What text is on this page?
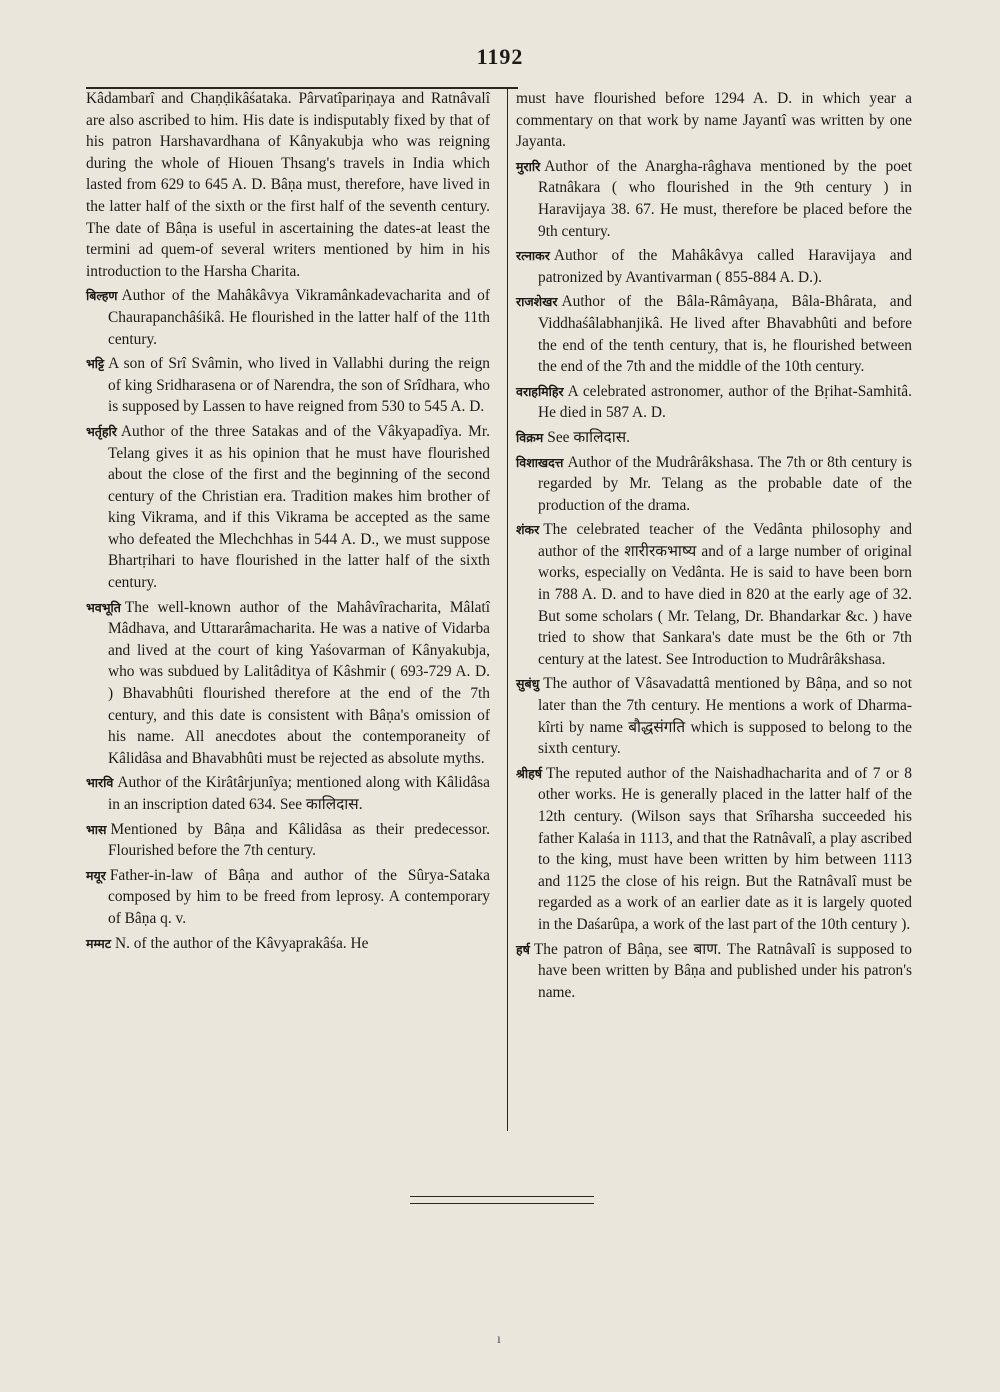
1192

Kâdambarî and Chaṇḍikâśataka. Pârvatîpariṇaya and Ratnâvalî are also ascribed to him. His date is indisputably fixed by that of his patron Harshavardhana of Kânyakubja who was reigning during the whole of Hiouen Thsang's travels in India which lasted from 629 to 645 A. D. Bâṇa must, therefore, have lived in the latter half of the sixth or the first half of the seventh century. The date of Bâṇa is useful in ascertaining the dates-at least the termini ad quem-of several writers mentioned by him in his introduction to the Harsha Charita.

बिल्हण Author of the Mahâkâvya Vikramânkadevacharita and of Chaurapanchâśikâ. He flourished in the latter half of the 11th century.

भट्टि A son of Srî Svâmin, who lived in Vallabhi during the reign of king Sridharasena or of Narendra, the son of Srîdhara, who is supposed by Lassen to have reigned from 530 to 545 A. D.

भर्तृहरि Author of the three Satakas and of the Vâkyapadîya. Mr. Telang gives it as his opinion that he must have flourished about the close of the first and the beginning of the second century of the Christian era. Tradition makes him brother of king Vikrama, and if this Vikrama be accepted as the same who defeated the Mlechchhas in 544 A. D., we must suppose Bhartṛihari to have flourished in the latter half of the sixth century.

भवभूति The well-known author of the Mahâvîracharita, Mâlatî Mâdhava, and Uttararâmacharita. He was a native of Vidarba and lived at the court of king Yaśovarman of Kânyakubja, who was subdued by Lalitâditya of Kâshmir ( 693-729 A. D. ) Bhavabhûti flourished therefore at the end of the 7th century, and this date is consistent with Bâṇa's omission of his name. All anecdotes about the contemporaneity of Kâlidâsa and Bhavabhûti must be rejected as absolute myths.

भारवि Author of the Kirâtârjunîya; mentioned along with Kâlidâsa in an inscription dated 634. See कालिदास.

भास Mentioned by Bâṇa and Kâlidâsa as their predecessor. Flourished before the 7th century.

मयूर Father-in-law of Bâṇa and author of the Sûrya-Sataka composed by him to be freed from leprosy. A contemporary of Bâṇa q. v.

मम्मट N. of the author of the Kâvyaprakâśa. He

must have flourished before 1294 A. D. in which year a commentary on that work by name Jayantî was written by one Jayanta.

मुरारि Author of the Anargha-râghava mentioned by the poet Ratnâkara ( who flourished in the 9th century ) in Haravijaya 38. 67. He must, therefore be placed before the 9th century.

रत्नाकर Author of the Mahâkâvya called Haravijaya and patronized by Avantivarman ( 855-884 A. D.).

राजशेखर Author of the Bâla-Râmâyaṇa, Bâla-Bhârata, and Viddhaśâlabhanjikâ. He lived after Bhavabhûti and before the end of the tenth century, that is, he flourished between the end of the 7th and the middle of the 10th century.

वराहमिहिर A celebrated astronomer, author of the Bṛihat-Samhitâ. He died in 587 A. D.

विक्रम See कालिदास.

विशाखदत्त Author of the Mudrârâkshasa. The 7th or 8th century is regarded by Mr. Telang as the probable date of the production of the drama.

शंकर The celebrated teacher of the Vedânta philosophy and author of the शारीरकभाष्य and of a large number of original works, especially on Vedânta. He is said to have been born in 788 A. D. and to have died in 820 at the early age of 32. But some scholars ( Mr. Telang, Dr. Bhandarkar &c. ) have tried to show that Sankara's date must be the 6th or 7th century at the latest. See Introduction to Mudrârâkshasa.

सुबंधु The author of Vâsavadattâ mentioned by Bâṇa, and so not later than the 7th century. He mentions a work of Dharma-kîrti by name बौद्धसंगति which is supposed to belong to the sixth century.

श्रीहर्ष The reputed author of the Naishadhacharita and of 7 or 8 other works. He is generally placed in the latter half of the 12th century. (Wilson says that Srîharsha succeeded his father Kalaśa in 1113, and that the Ratnâvalî, a play ascribed to the king, must have been written by him between 1113 and 1125 the close of his reign. But the Ratnâvalî must be regarded as a work of an earlier date as it is largely quoted in the Daśarûpa, a work of the last part of the 10th century ).

हर्ष The patron of Bâṇa, see बाण. The Ratnâvalî is supposed to have been written by Bâṇa and published under his patron's name.

ı
